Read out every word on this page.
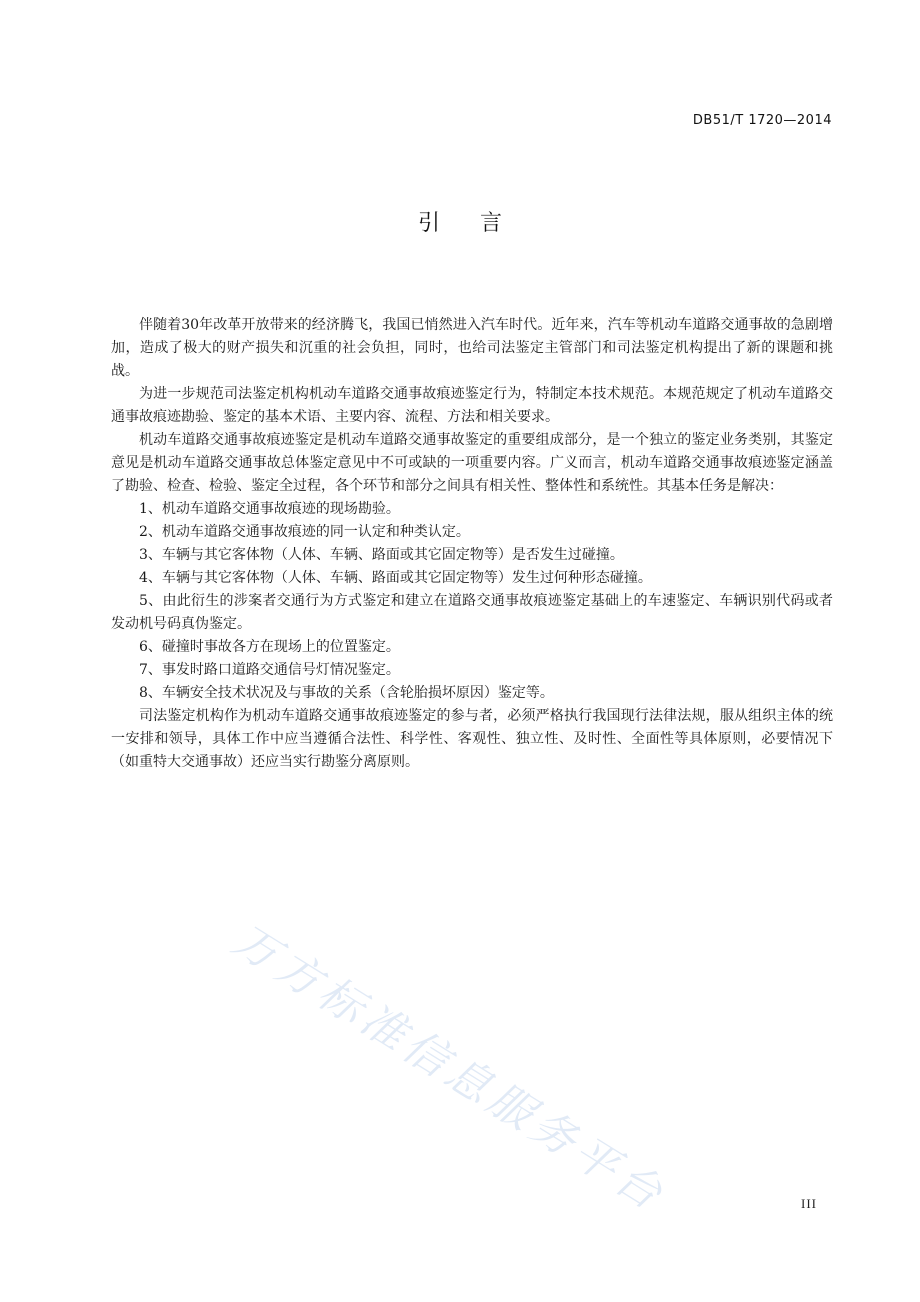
DB51/T 1720—2014
引言

伴随着30年改革开放带来的经济腾飞，我国已悄然进入汽车时代。近年来，汽车等机动车道路交通事故的急剧增加，造成了极大的财产损失和沉重的社会负担，同时，也给司法鉴定主管部门和司法鉴定机构提出了新的课题和挑战。

为进一步规范司法鉴定机构机动车道路交通事故痕迹鉴定行为，特制定本技术规范。本规范规定了机动车道路交通事故痕迹勘验、鉴定的基本术语、主要内容、流程、方法和相关要求。

机动车道路交通事故痕迹鉴定是机动车道路交通事故鉴定的重要组成部分，是一个独立的鉴定业务类别，其鉴定意见是机动车道路交通事故总体鉴定意见中不可或缺的一项重要内容。广义而言，机动车道路交通事故痕迹鉴定涵盖了勘验、检查、检验、鉴定全过程，各个环节和部分之间具有相关性、整体性和系统性。其基本任务是解决：

1、机动车道路交通事故痕迹的现场勘验。

2、机动车道路交通事故痕迹的同一认定和种类认定。

3、车辆与其它客体物（人体、车辆、路面或其它固定物等）是否发生过碰撞。

4、车辆与其它客体物（人体、车辆、路面或其它固定物等）发生过何种形态碰撞。

5、由此衍生的涉案者交通行为方式鉴定和建立在道路交通事故痕迹鉴定基础上的车速鉴定、车辆识别代码或者发动机号码真伪鉴定。

6、碰撞时事故各方在现场上的位置鉴定。

7、事发时路口道路交通信号灯情况鉴定。

8、车辆安全技术状况及与事故的关系（含轮胎损坏原因）鉴定等。

司法鉴定机构作为机动车道路交通事故痕迹鉴定的参与者，必须严格执行我国现行法律法规，服从组织主体的统一安排和领导，具体工作中应当遵循合法性、科学性、客观性、独立性、及时性、全面性等具体原则，必要情况下（如重特大交通事故）还应当实行勘鉴分离原则。

万方标准信息服务平台	III
